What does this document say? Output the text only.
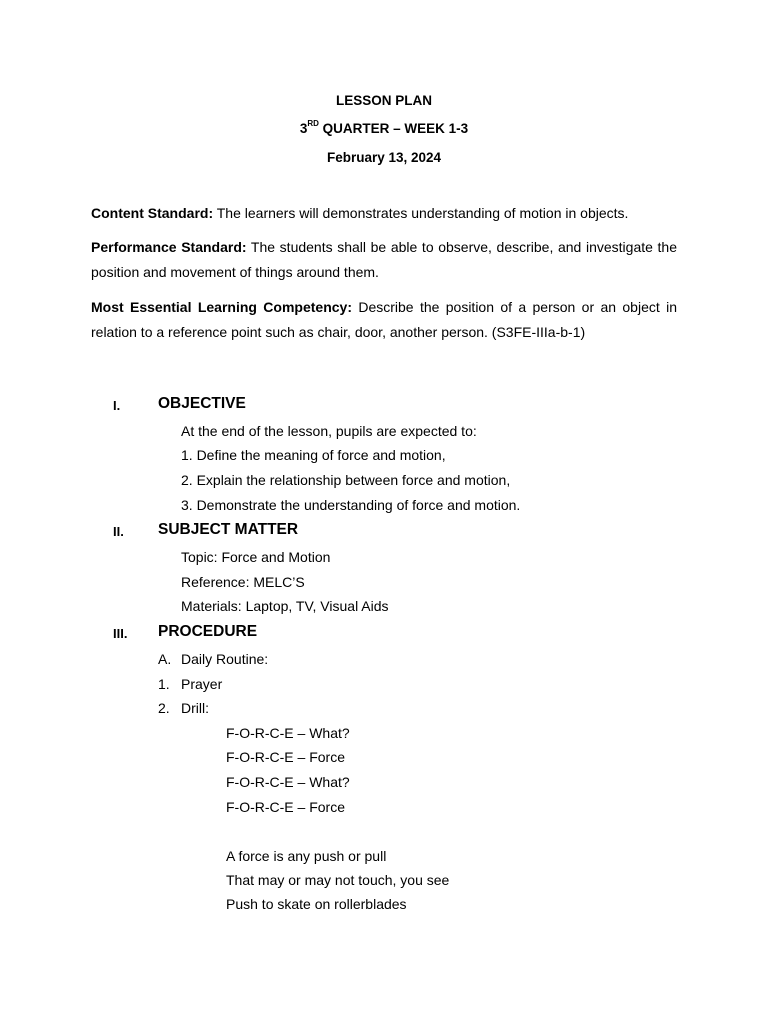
LESSON PLAN
3RD QUARTER – WEEK 1-3
February 13, 2024
Content Standard: The learners will demonstrates understanding of motion in objects.
Performance Standard: The students shall be able to observe, describe, and investigate the
position and movement of things around them.
Most Essential Learning Competency: Describe the position of a person or an object in
relation to a reference point such as chair, door, another person. (S3FE-IIIa-b-1)
I. OBJECTIVE
At the end of the lesson, pupils are expected to:
1. Define the meaning of force and motion,
2. Explain the relationship between force and motion,
3. Demonstrate the understanding of force and motion.
II. SUBJECT MATTER
Topic: Force and Motion
Reference: MELC’S
Materials: Laptop, TV, Visual Aids
III. PROCEDURE
A. Daily Routine:
1. Prayer
2. Drill:
F-O-R-C-E – What?
F-O-R-C-E – Force
F-O-R-C-E – What?
F-O-R-C-E – Force
A force is any push or pull
That may or may not touch, you see
Push to skate on rollerblades
